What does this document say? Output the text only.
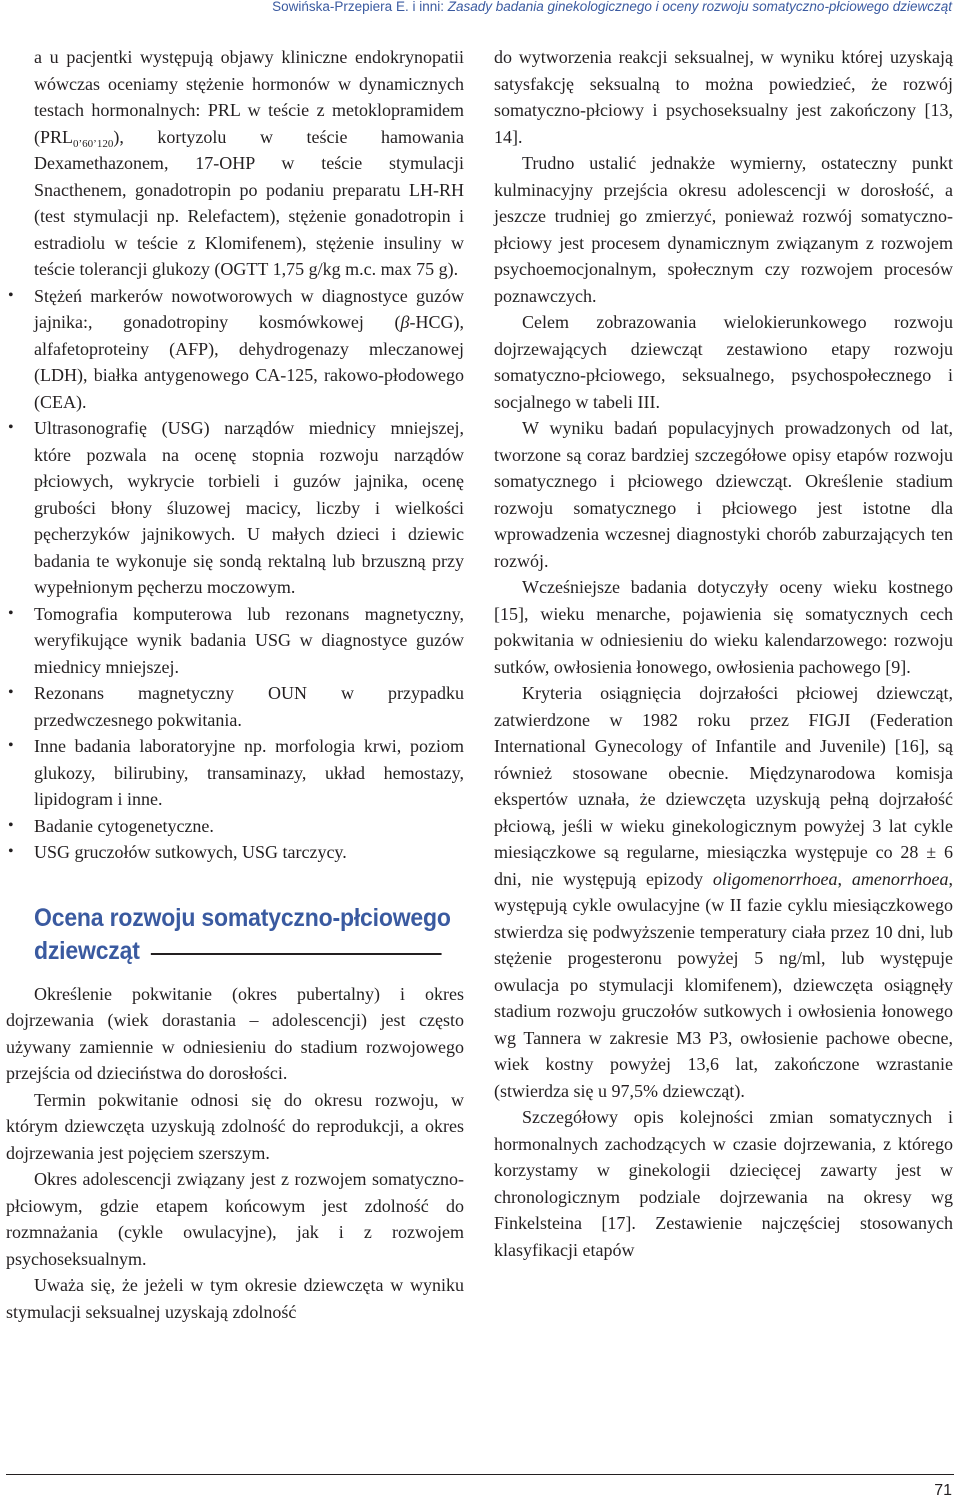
Sowińska-Przepiera E. i inni: Zasady badania ginekologicznego i oceny rozwoju somatyczno-płciowego dziewcząt

a u pacjentki występują objawy kliniczne endokrynopatii wówczas oceniamy stężenie hormonów w dynamicznych testach hormonalnych: PRL w teście z metoklopramidem $(PRL_{0’60’120})$, kortyzolu w teście hamowania Dexamethazonem, 17-OHP w teście stymulacji Snacthenem, gonadotropin po podaniu preparatu LH-RH (test stymulacji np. Relefactem), stężenie gonadotropin i estradiolu w teście z Klomifenem), stężenie insuliny w teście tolerancji glukozy (OGTT 1,75 g/kg m.c. max 75 g).

• Stężeń markerów nowotworowych w diagnostyce guzów jajnika:, gonadotropiny kosmówkowej (β-HCG), alfafetoproteiny (AFP), dehydrogenazy mleczanowej (LDH), białka antygenowego CA-125, rakowo-płodowego (CEA).
• Ultrasonografię (USG) narządów miednicy mniejszej, które pozwala na ocenę stopnia rozwoju narządów płciowych, wykrycie torbieli i guzów jajnika, ocenę grubości błony śluzowej macicy, liczby i wielkości pęcherzyków jajnikowych. U małych dzieci i dziewic badania te wykonuje się sondą rektalną lub brzuszną przy wypełnionym pęcherzu moczowym.
• Tomografia komputerowa lub rezonans magnetyczny, weryfikujące wynik badania USG w diagnostyce guzów miednicy mniejszej.
• Rezonans magnetyczny OUN w przypadku przedwczesnego pokwitania.
• Inne badania laboratoryjne np. morfologia krwi, poziom glukozy, bilirubiny, transaminazy, układ hemostazy, lipidogram i inne.
• Badanie cytogenetyczne.
• USG gruczołów sutkowych, USG tarczycy.
Ocena rozwoju somatyczno-płciowego
dziewcząt

Określenie pokwitanie (okres pubertalny) i okres dojrzewania (wiek dorastania – adolescencji) jest często używany zamiennie w odniesieniu do stadium rozwojowego przejścia od dzieciństwa do dorosłości.

Termin pokwitanie odnosi się do okresu rozwoju, w którym dziewczęta uzyskują zdolność do reprodukcji, a okres dojrzewania jest pojęciem szerszym.

Okres adolescencji związany jest z rozwojem somatyczno-płciowym, gdzie etapem końcowym jest zdolność do rozmnażania (cykle owulacyjne), jak i z rozwojem psychoseksualnym.

Uważa się, że jeżeli w tym okresie dziewczęta w wyniku stymulacji seksualnej uzyskają zdolność

do wytworzenia reakcji seksualnej, w wyniku której uzyskają satysfakcję seksualną to można powiedzieć, że rozwój somatyczno-płciowy i psychoseksualny jest zakończony [13, 14].

Trudno ustalić jednakże wymierny, ostateczny punkt kulminacyjny przejścia okresu adolescencji w dorosłość, a jeszcze trudniej go zmierzyć, ponieważ rozwój somatyczno-płciowy jest procesem dynamicznym związanym z rozwojem psychoemocjonalnym, społecznym czy rozwojem procesów poznawczych.

Celem zobrazowania wielokierunkowego rozwoju dojrzewających dziewcząt zestawiono etapy rozwoju somatyczno-płciowego, seksualnego, psychospołecznego i socjalnego w tabeli III.

W wyniku badań populacyjnych prowadzonych od lat, tworzone są coraz bardziej szczegółowe opisy etapów rozwoju somatycznego i płciowego dziewcząt. Określenie stadium rozwoju somatycznego i płciowego jest istotne dla wprowadzenia wczesnej diagnostyki chorób zaburzających ten rozwój.

Wcześniejsze badania dotyczyły oceny wieku kostnego [15], wieku menarche, pojawienia się somatycznych cech pokwitania w odniesieniu do wieku kalendarzowego: rozwoju sutków, owłosienia łonowego, owłosienia pachowego [9].

Kryteria osiągnięcia dojrzałości płciowej dziewcząt, zatwierdzone w 1982 roku przez FIGJI (Federation International Gynecology of Infantile and Juvenile) [16], są również stosowane obecnie. Międzynarodowa komisja ekspertów uznała, że dziewczęta uzyskują pełną dojrzałość płciową, jeśli w wieku ginekologicznym powyżej 3 lat cykle miesiączkowe są regularne, miesiączka występuje co 28 ± 6 dni, nie występują epizody oligomenorrhoea, amenorrhoea, występują cykle owulacyjne (w II fazie cyklu miesiączkowego stwierdza się podwyższenie temperatury ciała przez 10 dni, lub stężenie progesteronu powyżej 5 ng/ml, lub występuje owulacja po stymulacji klomifenem), dziewczęta osiągnęły stadium rozwoju gruczołów sutkowych i owłosienia łonowego wg Tannera w zakresie M3 P3, owłosienie pachowe obecne, wiek kostny powyżej 13,6 lat, zakończone wzrastanie (stwierdza się u 97,5% dziewcząt).

Szczegółowy opis kolejności zmian somatycznych i hormonalnych zachodzących w czasie dojrzewania, z którego korzystamy w ginekologii dziecięcej zawarty jest w chronologicznym podziale dojrzewania na okresy wg Finkelsteina [17]. Zestawienie najczęściej stosowanych klasyfikacji etapów

71
